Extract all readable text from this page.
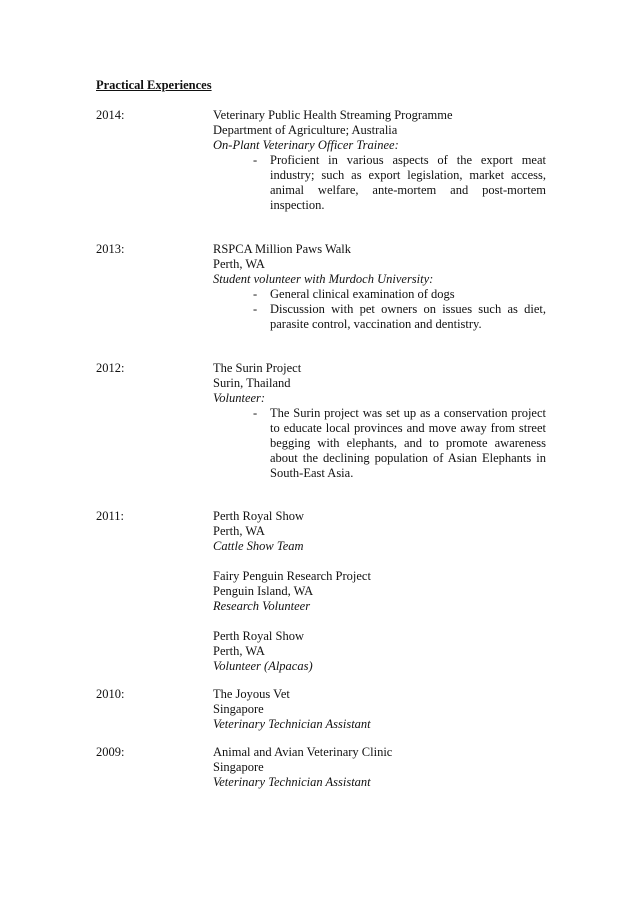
Practical Experiences
2014:	Veterinary Public Health Streaming Programme
Department of Agriculture; Australia
On-Plant Veterinary Officer Trainee:
- Proficient in various aspects of the export meat industry; such as export legislation, market access, animal welfare, ante-mortem and post-mortem inspection.
2013:	RSPCA Million Paws Walk
Perth, WA
Student volunteer with Murdoch University:
- General clinical examination of dogs
- Discussion with pet owners on issues such as diet, parasite control, vaccination and dentistry.
2012:	The Surin Project
Surin, Thailand
Volunteer:
- The Surin project was set up as a conservation project to educate local provinces and move away from street begging with elephants, and to promote awareness about the declining population of Asian Elephants in South-East Asia.
2011:	Perth Royal Show
Perth, WA
Cattle Show Team
Fairy Penguin Research Project
Penguin Island, WA
Research Volunteer
Perth Royal Show
Perth, WA
Volunteer (Alpacas)
2010:	The Joyous Vet
Singapore
Veterinary Technician Assistant
2009:	Animal and Avian Veterinary Clinic
Singapore
Veterinary Technician Assistant
